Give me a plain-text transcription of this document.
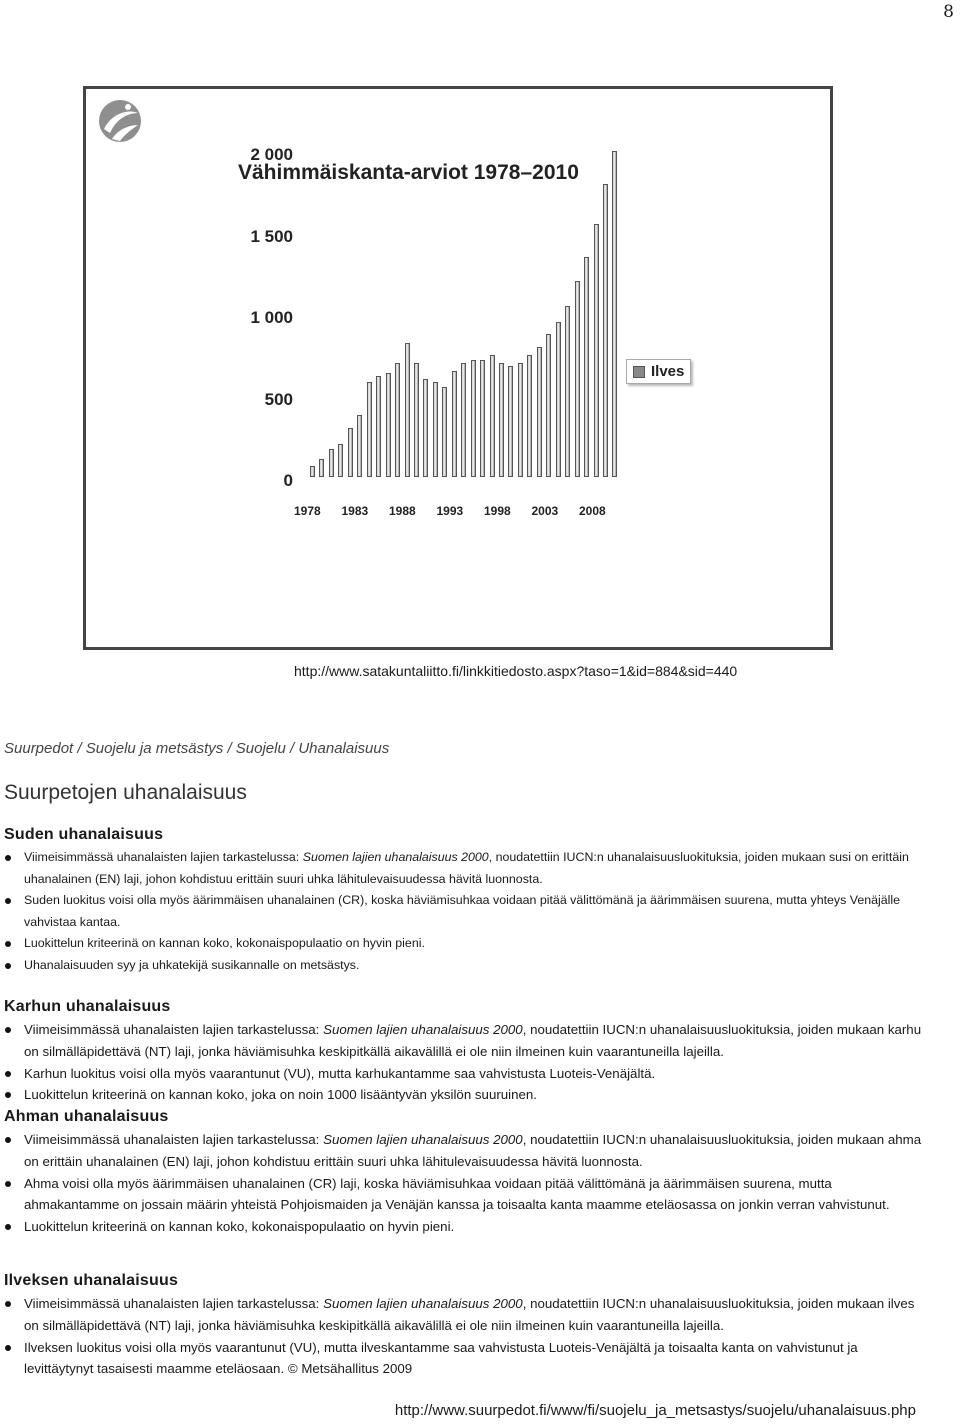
8
Vähimmäiskanta-arviot 1978–2010
Ilves
2 000
1 500
1 000
500
0
1978 1983 1988 1993 1998 2003 2008
http://www.satakuntaliitto.fi/linkkitiedosto.aspx?taso=1&id=884&sid=440
Suurpedot / Suojelu ja metsästys / Suojelu / Uhanalaisuus
Suurpetojen uhanalaisuus
Suden uhanalaisuus
Viimeisimmässä uhanalaisten lajien tarkastelussa: Suomen lajien uhanalaisuus 2000, noudatettiin IUCN:n uhanalaisuusluokituksia, joiden mukaan susi on erittäin uhanalainen (EN) laji, johon kohdistuu erittäin suuri uhka lähitulevaisuudessa hävitä luonnosta.
Suden luokitus voisi olla myös äärimmäisen uhanalainen (CR), koska häviämisuhkaa voidaan pitää välittömänä ja äärimmäisen suurena, mutta yhteys Venäjälle vahvistaa kantaa.
Luokittelun kriteerinä on kannan koko, kokonaispopulaatio on hyvin pieni.
Uhanalaisuuden syy ja uhkatekijä susikannalle on metsästys.
Karhun uhanalaisuus
Viimeisimmässä uhanalaisten lajien tarkastelussa: Suomen lajien uhanalaisuus 2000, noudatettiin IUCN:n uhanalaisuusluokituksia, joiden mukaan karhu on silmälläpidettävä (NT) laji, jonka häviämisuhka keskipitkällä aikavälillä ei ole niin ilmeinen kuin vaarantuneilla lajeilla.
Karhun luokitus voisi olla myös vaarantunut (VU), mutta karhukantamme saa vahvistusta Luoteis-Venäjältä.
Luokittelun kriteerinä on kannan koko, joka on noin 1000 lisääntyvän yksilön suuruinen.
Ahman uhanalaisuus
Viimeisimmässä uhanalaisten lajien tarkastelussa: Suomen lajien uhanalaisuus 2000, noudatettiin IUCN:n uhanalaisuusluokituksia, joiden mukaan ahma on erittäin uhanalainen (EN) laji, johon kohdistuu erittäin suuri uhka lähitulevaisuudessa hävitä luonnosta.
Ahma voisi olla myös äärimmäisen uhanalainen (CR) laji, koska häviämisuhkaa voidaan pitää välittömänä ja äärimmäisen suurena, mutta ahmakantamme on jossain määrin yhteistä Pohjoismaiden ja Venäjän kanssa ja toisaalta kanta maamme eteläosassa on jonkin verran vahvistunut.
Luokittelun kriteerinä on kannan koko, kokonaispopulaatio on hyvin pieni.
Ilveksen uhanalaisuus
Viimeisimmässä uhanalaisten lajien tarkastelussa: Suomen lajien uhanalaisuus 2000, noudatettiin IUCN:n uhanalaisuusluokituksia, joiden mukaan ilves on silmälläpidettävä (NT) laji, jonka häviämisuhka keskipitkällä aikavälillä ei ole niin ilmeinen kuin vaarantuneilla lajeilla.
Ilveksen luokitus voisi olla myös vaarantunut (VU), mutta ilveskantamme saa vahvistusta Luoteis-Venäjältä ja toisaalta kanta on vahvistunut ja levittäytynyt tasaisesti maamme eteläosaan. © Metsähallitus 2009
http://www.suurpedot.fi/www/fi/suojelu_ja_metsastys/suojelu/uhanalaisuus.php
